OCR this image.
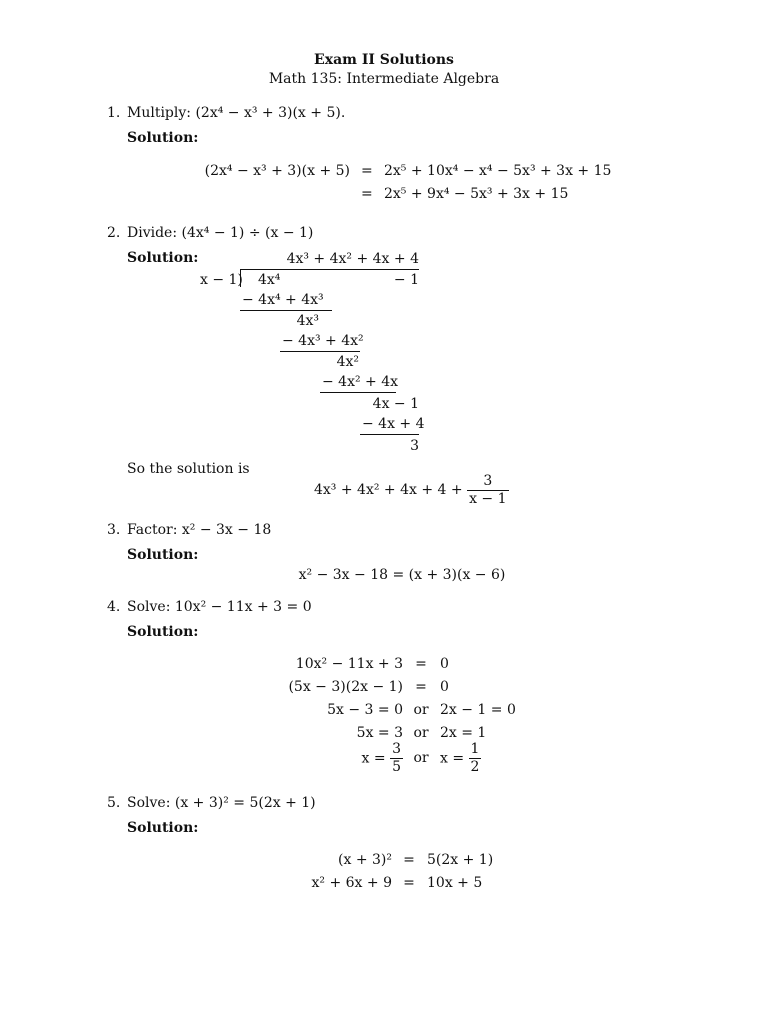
Exam II Solutions
Math 135: Intermediate Algebra
1. Multiply: (2x⁴ − x³ + 3)(x + 5).
Solution:
(2x⁴ − x³ + 3)(x + 5) = 2x⁵ + 10x⁴ − x⁴ − 5x³ + 3x + 15
= 2x⁵ + 9x⁴ − 5x³ + 3x + 15
2. Divide: (4x⁴ − 1) ÷ (x − 1)
Solution:	4x³ + 4x² + 4x + 4
x − 1) 4x⁴	− 1
− 4x⁴ + 4x³
4x³
− 4x³ + 4x²
4x²
− 4x² + 4x
4x − 1
− 4x + 4
3
So the solution is
$4x^3 + 4x^2 + 4x + 4 + \frac{3}{x - 1}$
3. Factor: x² − 3x − 18
Solution:
x² − 3x − 18 = (x + 3)(x − 6)
4. Solve: 10x² − 11x + 3 = 0
Solution:
10x² − 11x + 3 = 0
(5x − 3)(2x − 1) = 0
5x − 3 = 0 or 2x − 1 = 0
5x = 3 or 2x = 1
$x = \frac{3}{5}$ or $x = \frac{1}{2}$
5. Solve: (x + 3)² = 5(2x + 1)
Solution:
(x + 3)² = 5(2x + 1)
x² + 6x + 9 = 10x + 5
